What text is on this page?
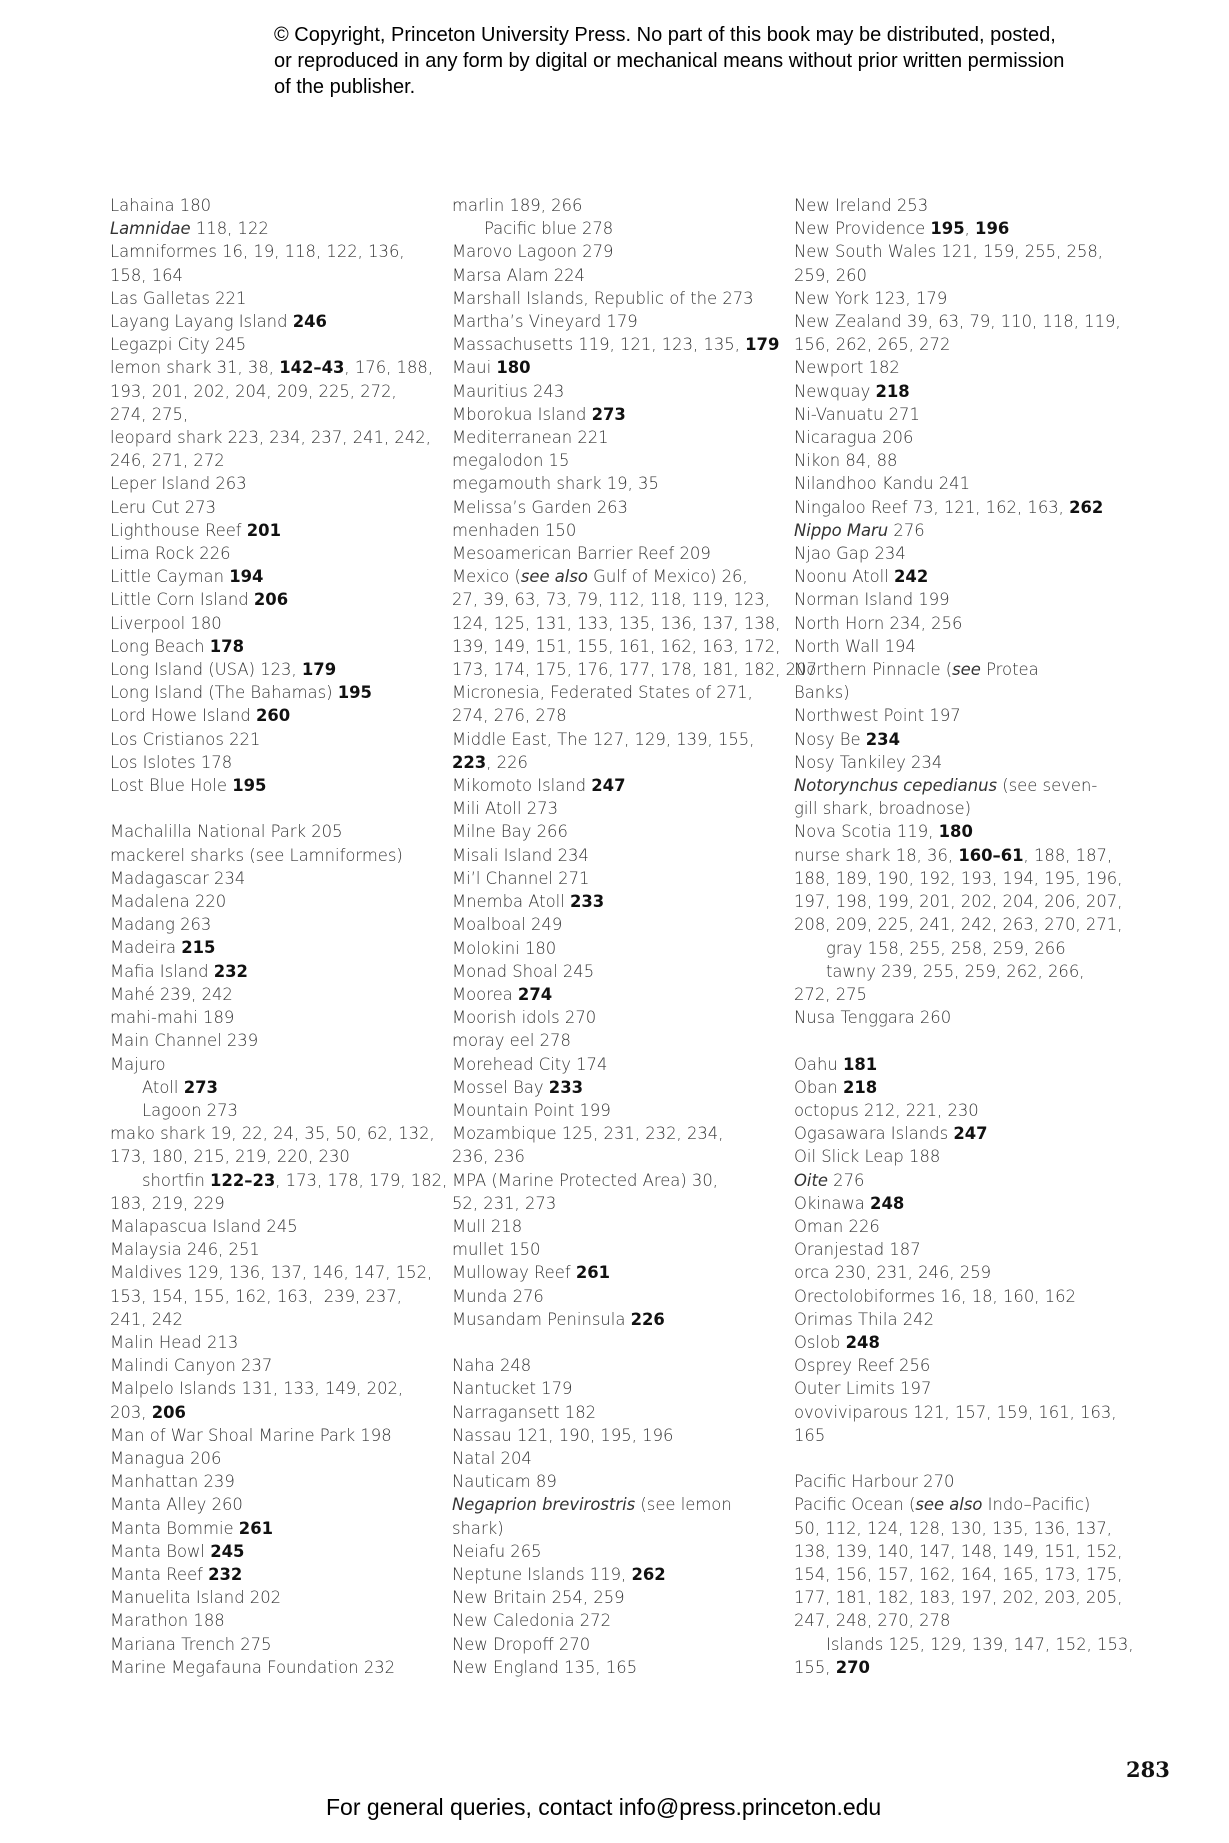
© Copyright, Princeton University Press. No part of this book may be distributed, posted, or reproduced in any form by digital or mechanical means without prior written permission of the publisher.
Lahaina 180
Lamnidae 118, 122
Lamniformes 16, 19, 118, 122, 136,
158, 164
Las Galletas 221
Layang Layang Island 246
Legazpi City 245
lemon shark 31, 38, 142–43, 176, 188,
193, 201, 202, 204, 209, 225, 272,
274, 275,
leopard shark 223, 234, 237, 241, 242,
246, 271, 272
Leper Island 263
Leru Cut 273
Lighthouse Reef 201
Lima Rock 226
Little Cayman 194
Little Corn Island 206
Liverpool 180
Long Beach 178
Long Island (USA) 123, 179
Long Island (The Bahamas) 195
Lord Howe Island 260
Los Cristianos 221
Los Islotes 178
Lost Blue Hole 195
Machalilla National Park 205
mackerel sharks (see Lamniformes)
Madagascar 234
Madalena 220
Madang 263
Madeira 215
Mafia Island 232
Mahé 239, 242
mahi-mahi 189
Main Channel 239
Majuro
Atoll 273
Lagoon 273
mako shark 19, 22, 24, 35, 50, 62, 132,
173, 180, 215, 219, 220, 230
shortfin 122–23, 173, 178, 179, 182,
183, 219, 229
Malapascua Island 245
Malaysia 246, 251
Maldives 129, 136, 137, 146, 147, 152,
153, 154, 155, 162, 163,  239, 237,
241, 242
Malin Head 213
Malindi Canyon 237
Malpelo Islands 131, 133, 149, 202,
203, 206
Man of War Shoal Marine Park 198
Managua 206
Manhattan 239
Manta Alley 260
Manta Bommie 261
Manta Bowl 245
Manta Reef 232
Manuelita Island 202
Marathon 188
Mariana Trench 275
Marine Megafauna Foundation 232
marlin 189, 266
Pacific blue 278
Marovo Lagoon 279
Marsa Alam 224
Marshall Islands, Republic of the 273
Martha’s Vineyard 179
Massachusetts 119, 121, 123, 135, 179
Maui 180
Mauritius 243
Mborokua Island 273
Mediterranean 221
megalodon 15
megamouth shark 19, 35
Melissa’s Garden 263
menhaden 150
Mesoamerican Barrier Reef 209
Mexico (see also Gulf of Mexico) 26,
27, 39, 63, 73, 79, 112, 118, 119, 123,
124, 125, 131, 133, 135, 136, 137, 138,
139, 149, 151, 155, 161, 162, 163, 172,
173, 174, 175, 176, 177, 178, 181, 182, 207
Micronesia, Federated States of 271,
274, 276, 278
Middle East, The 127, 129, 139, 155,
223, 226
Mikomoto Island 247
Mili Atoll 273
Milne Bay 266
Misali Island 234
Mi’l Channel 271
Mnemba Atoll 233
Moalboal 249
Molokini 180
Monad Shoal 245
Moorea 274
Moorish idols 270
moray eel 278
Morehead City 174
Mossel Bay 233
Mountain Point 199
Mozambique 125, 231, 232, 234,
236, 236
MPA (Marine Protected Area) 30,
52, 231, 273
Mull 218
mullet 150
Mulloway Reef 261
Munda 276
Musandam Peninsula 226
Naha 248
Nantucket 179
Narragansett 182
Nassau 121, 190, 195, 196
Natal 204
Nauticam 89
Negaprion brevirostris (see lemon
shark)
Neiafu 265
Neptune Islands 119, 262
New Britain 254, 259
New Caledonia 272
New Dropoff 270
New England 135, 165
New Ireland 253
New Providence 195, 196
New South Wales 121, 159, 255, 258,
259, 260
New York 123, 179
New Zealand 39, 63, 79, 110, 118, 119,
156, 262, 265, 272
Newport 182
Newquay 218
Ni-Vanuatu 271
Nicaragua 206
Nikon 84, 88
Nilandhoo Kandu 241
Ningaloo Reef 73, 121, 162, 163, 262
Nippo Maru 276
Njao Gap 234
Noonu Atoll 242
Norman Island 199
North Horn 234, 256
North Wall 194
Northern Pinnacle (see Protea
Banks)
Northwest Point 197
Nosy Be 234
Nosy Tankiley 234
Notorynchus cepedianus (see seven-
gill shark, broadnose)
Nova Scotia 119, 180
nurse shark 18, 36, 160–61, 188, 187,
188, 189, 190, 192, 193, 194, 195, 196,
197, 198, 199, 201, 202, 204, 206, 207,
208, 209, 225, 241, 242, 263, 270, 271,
gray 158, 255, 258, 259, 266
tawny 239, 255, 259, 262, 266,
272, 275
Nusa Tenggara 260
Oahu 181
Oban 218
octopus 212, 221, 230
Ogasawara Islands 247
Oil Slick Leap 188
Oite 276
Okinawa 248
Oman 226
Oranjestad 187
orca 230, 231, 246, 259
Orectolobiformes 16, 18, 160, 162
Orimas Thila 242
Oslob 248
Osprey Reef 256
Outer Limits 197
ovoviviparous 121, 157, 159, 161, 163,
165
Pacific Harbour 270
Pacific Ocean (see also Indo–Pacific)
50, 112, 124, 128, 130, 135, 136, 137,
138, 139, 140, 147, 148, 149, 151, 152,
154, 156, 157, 162, 164, 165, 173, 175,
177, 181, 182, 183, 197, 202, 203, 205,
247, 248, 270, 278
Islands 125, 129, 139, 147, 152, 153,
155, 270
283
For general queries, contact info@press.princeton.edu
